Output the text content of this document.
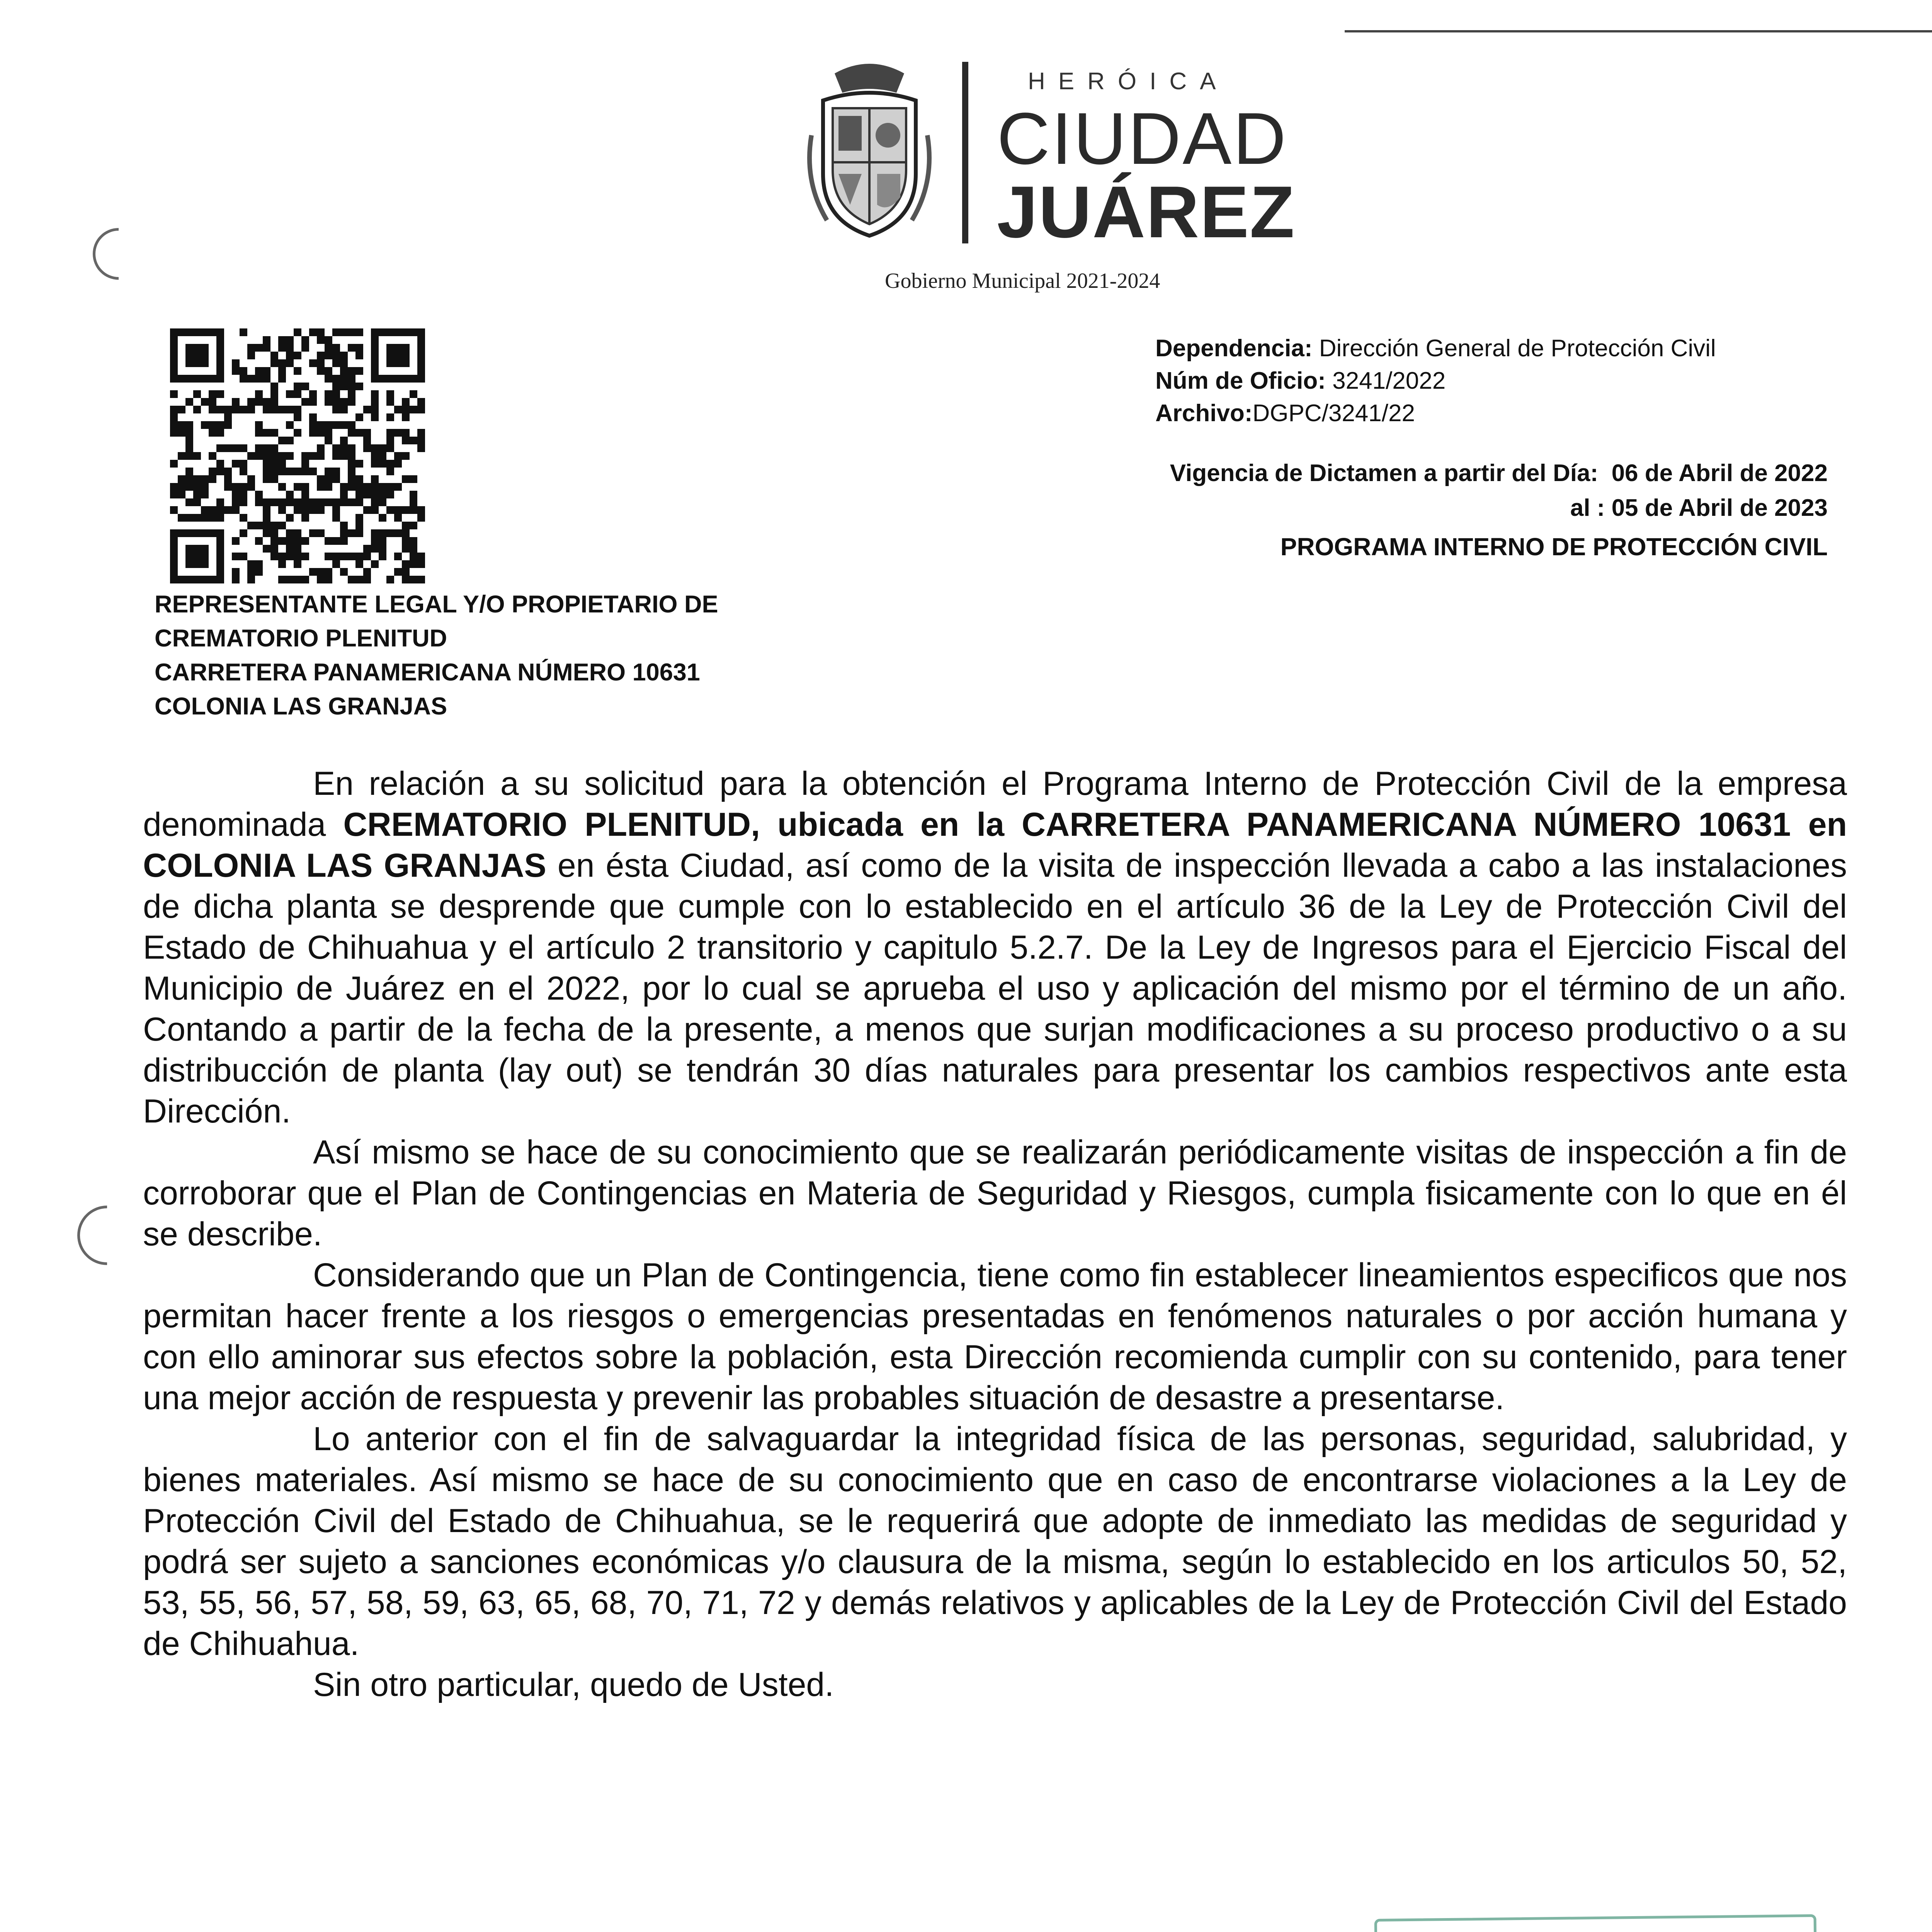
HERÓICA
CIUDAD
JUÁREZ
Gobierno Municipal 2021-2024
Dependencia: Dirección General de Protección Civil
Núm de Oficio: 3241/2022
Archivo:DGPC/3241/22
Vigencia de Dictamen a partir del Día: 06 de Abril de 2022
al : 05 de Abril de 2023
PROGRAMA INTERNO DE PROTECCIÓN CIVIL
REPRESENTANTE LEGAL Y/O PROPIETARIO DE
CREMATORIO PLENITUD
CARRETERA PANAMERICANA NÚMERO 10631
COLONIA LAS GRANJAS

En relación a su solicitud para la obtención el Programa Interno de Protección Civil de la empresa denominada CREMATORIO PLENITUD, ubicada en la CARRETERA PANAMERICANA NÚMERO 10631 en COLONIA LAS GRANJAS en ésta Ciudad, así como de la visita de inspección llevada a cabo a las instalaciones de dicha planta se desprende que cumple con lo establecido en el artículo 36 de la Ley de Protección Civil del Estado de Chihuahua y el artículo 2 transitorio y capitulo 5.2.7. De la Ley de Ingresos para el Ejercicio Fiscal del Municipio de Juárez en el 2022, por lo cual se aprueba el uso y aplicación del mismo por el término de un año. Contando a partir de la fecha de la presente, a menos que surjan modificaciones a su proceso productivo o a su distribucción de planta (lay out) se tendrán 30 días naturales para presentar los cambios respectivos ante esta Dirección.

Así mismo se hace de su conocimiento que se realizarán periódicamente visitas de inspección a fin de corroborar que el Plan de Contingencias en Materia de Seguridad y Riesgos, cumpla fisicamente con lo que en él se describe.

Considerando que un Plan de Contingencia, tiene como fin establecer lineamientos especificos que nos permitan hacer frente a los riesgos o emergencias presentadas en fenómenos naturales o por acción humana y con ello aminorar sus efectos sobre la población, esta Dirección recomienda cumplir con su contenido, para tener una mejor acción de respuesta y prevenir las probables situación de desastre a presentarse.

Lo anterior con el fin de salvaguardar la integridad física de las personas, seguridad, salubridad, y bienes materiales. Así mismo se hace de su conocimiento que en caso de encontrarse violaciones a la Ley de Protección Civil del Estado de Chihuahua, se le requerirá que adopte de inmediato las medidas de seguridad y podrá ser sujeto a sanciones económicas y/o clausura de la misma, según lo establecido en los articulos 50, 52, 53, 55, 56, 57, 58, 59, 63, 65, 68, 70, 71, 72 y demás relativos y aplicables de la Ley de Protección Civil del Estado de Chihuahua.

Sin otro particular, quedo de Usted.
